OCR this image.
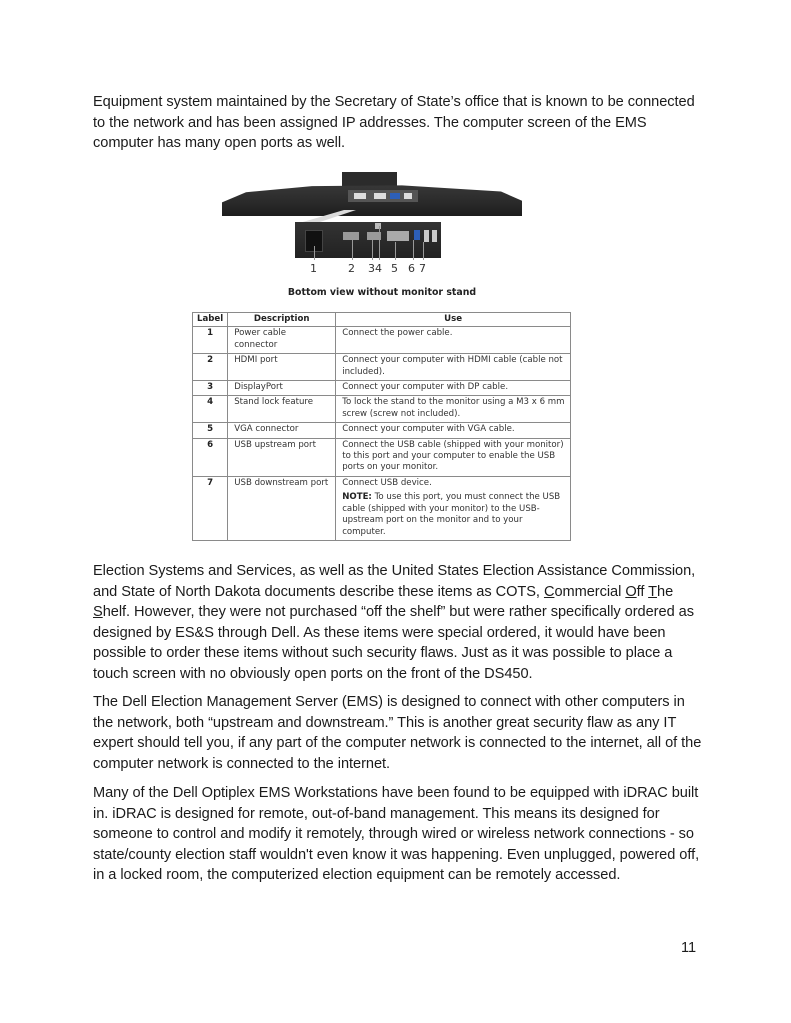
Equipment system maintained by the Secretary of State’s office that is known to be connected to the network and has been assigned IP addresses. The computer screen of the EMS computer has many open ports as well.

1	2 3 4 5 6 7
Bottom view without monitor stand
Label	Description	Use
1	Power cable connector	Connect the power cable.
2	HDMI port	Connect your computer with HDMI cable (cable not included).
3	DisplayPort	Connect your computer with DP cable.
4	Stand lock feature	To lock the stand to the monitor using a M3 x 6 mm screw (screw not included).
5	VGA connector	Connect your computer with VGA cable.
6	USB upstream port	Connect the USB cable (shipped with your monitor) to this port and your computer to enable the USB ports on your monitor.
7	USB downstream port	Connect USB device.
NOTE: To use this port, you must connect the USB cable (shipped with your monitor) to the USB-upstream port on the monitor and to your computer.

Election Systems and Services, as well as the United States Election Assistance Commission, and State of North Dakota documents describe these items as COTS, Commercial Off The Shelf. However, they were not purchased “off the shelf” but were rather specifically ordered as designed by ES&S through Dell. As these items were special ordered, it would have been possible to order these items without such security flaws. Just as it was possible to place a touch screen with no obviously open ports on the front of the DS450.

The Dell Election Management Server (EMS) is designed to connect with other computers in the network, both “upstream and downstream.” This is another great security flaw as any IT expert should tell you, if any part of the computer network is connected to the internet, all of the computer network is connected to the internet.

Many of the Dell Optiplex EMS Workstations have been found to be equipped with iDRAC built in. iDRAC is designed for remote, out-of-band management. This means its designed for someone to control and modify it remotely, through wired or wireless network connections - so state/county election staff wouldn't even know it was happening. Even unplugged, powered off, in a locked room, the computerized election equipment can be remotely accessed.

11
